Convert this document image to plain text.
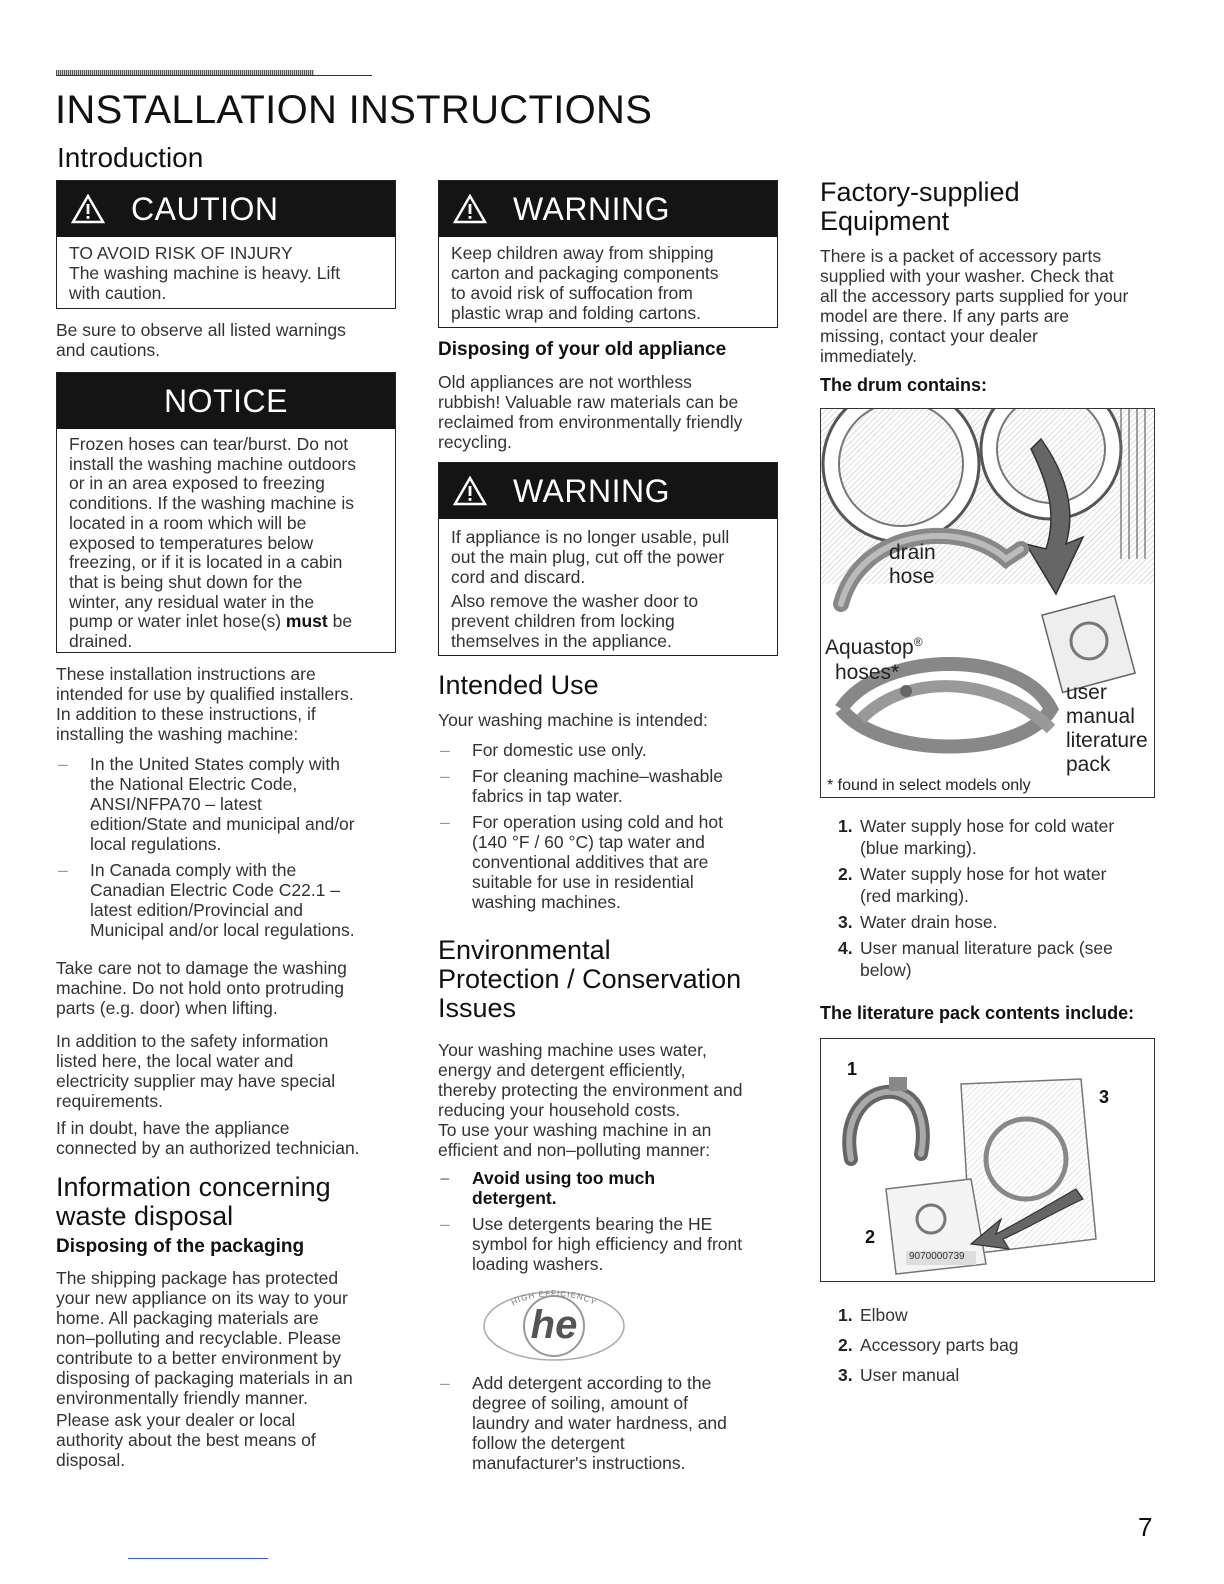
INSTALLATION INSTRUCTIONS
Introduction
CAUTION
TO AVOID RISK OF INJURY
The washing machine is heavy. Lift
with caution.

Be sure to observe all listed warnings
and cautions.

NOTICE
Frozen hoses can tear/burst. Do not
install the washing machine outdoors
or in an area exposed to freezing
conditions. If the washing machine is
located in a room which will be
exposed to temperatures below
freezing, or if it is located in a cabin
that is being shut down for the
winter, any residual water in the
pump or water inlet hose(s) must be
drained.

These installation instructions are
intended for use by qualified installers.
In addition to these instructions, if
installing the washing machine:

– In the United States comply with
the National Electric Code,
ANSI/NFPA70 – latest
edition/State and municipal and/or
local regulations.
– In Canada comply with the
Canadian Electric Code C22.1 –
latest edition/Provincial and
Municipal and/or local regulations.

Take care not to damage the washing
machine. Do not hold onto protruding
parts (e.g. door) when lifting.

In addition to the safety information
listed here, the local water and
electricity supplier may have special
requirements.

If in doubt, have the appliance
connected by an authorized technician.

Information concerning
waste disposal
Disposing of the packaging

The shipping package has protected
your new appliance on its way to your
home. All packaging materials are
non–polluting and recyclable. Please
contribute to a better environment by
disposing of packaging materials in an
environmentally friendly manner.

Please ask your dealer or local
authority about the best means of
disposal.

WARNING
Keep children away from shipping
carton and packaging components
to avoid risk of suffocation from
plastic wrap and folding cartons.
Disposing of your old appliance

Old appliances are not worthless
rubbish! Valuable raw materials can be
reclaimed from environmentally friendly
recycling.

WARNING
If appliance is no longer usable, pull
out the main plug, cut off the power
cord and discard.
Also remove the washer door to
prevent children from locking
themselves in the appliance.
Intended Use

Your washing machine is intended:

– For domestic use only.
– For cleaning machine–washable
fabrics in tap water.
– For operation using cold and hot
(140 °F / 60 °C) tap water and
conventional additives that are
suitable for use in residential
washing machines.
Environmental
Protection / Conservation
Issues

Your washing machine uses water,
energy and detergent efficiently,
thereby protecting the environment and
reducing your household costs.
To use your washing machine in an
efficient and non–polluting manner:

– Avoid using too much
detergent.
– Use detergents bearing the HE
symbol for high efficiency and front
loading washers.
HIGH EFFICIENCY
he
– Add detergent according to the
degree of soiling, amount of
laundry and water hardness, and
follow the detergent
manufacturer's instructions.
Factory-supplied
Equipment

There is a packet of accessory parts
supplied with your washer. Check that
all the accessory parts supplied for your
model are there. If any parts are
missing, contact your dealer
immediately.

The drum contains:
drain
hose
Aquastop®
hoses*
user
manual
literature
pack
* found in select models only
1. Water supply hose for cold water
(blue marking).
2. Water supply hose for hot water
(red marking).
3. Water drain hose.
4. User manual literature pack (see
below)
The literature pack contents include:
1
2
3
9070000739
1. Elbow
2. Accessory parts bag
3. User manual
7
